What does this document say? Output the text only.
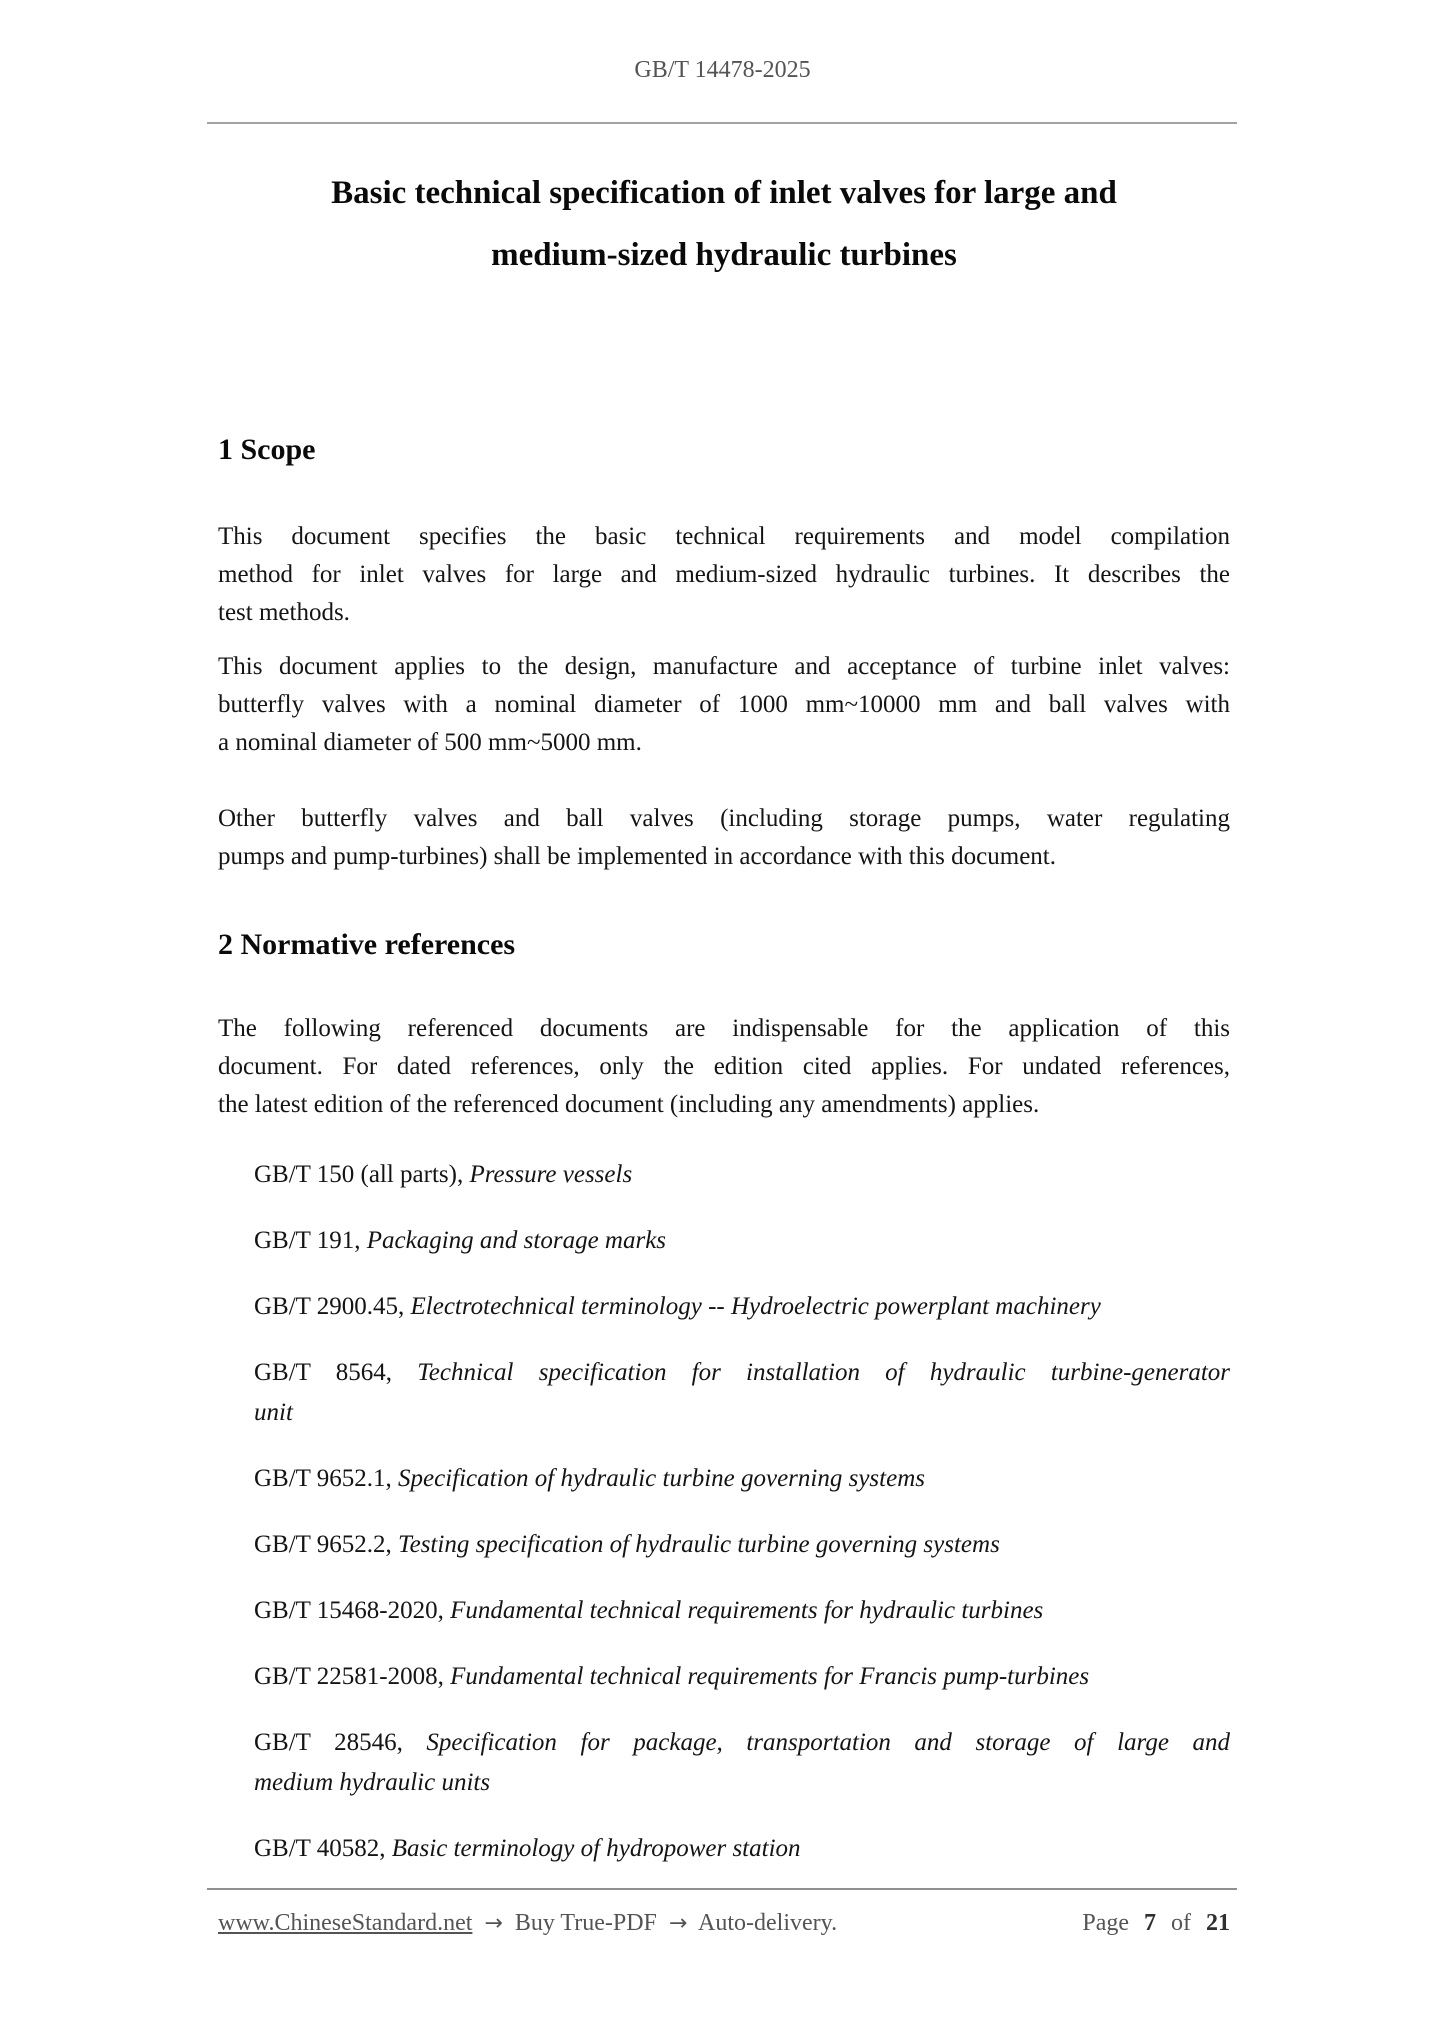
GB/T 14478-2025
Basic technical specification of inlet valves for large and
medium-sized hydraulic turbines
1 Scope
This document specifies the basic technical requirements and model compilation
method for inlet valves for large and medium-sized hydraulic turbines. It describes the
test methods.
This document applies to the design, manufacture and acceptance of turbine inlet valves:
butterfly valves with a nominal diameter of 1000 mm~10000 mm and ball valves with
a nominal diameter of 500 mm~5000 mm.
Other butterfly valves and ball valves (including storage pumps, water regulating
pumps and pump-turbines) shall be implemented in accordance with this document.
2 Normative references
The following referenced documents are indispensable for the application of this
document. For dated references, only the edition cited applies. For undated references,
the latest edition of the referenced document (including any amendments) applies.
GB/T 150 (all parts), Pressure vessels
GB/T 191, Packaging and storage marks
GB/T 2900.45, Electrotechnical terminology -- Hydroelectric powerplant machinery
GB/T 8564, Technical specification for installation of hydraulic turbine-generator
unit
GB/T 9652.1, Specification of hydraulic turbine governing systems
GB/T 9652.2, Testing specification of hydraulic turbine governing systems
GB/T 15468-2020, Fundamental technical requirements for hydraulic turbines
GB/T 22581-2008, Fundamental technical requirements for Francis pump-turbines
GB/T 28546, Specification for package, transportation and storage of large and
medium hydraulic units
GB/T 40582, Basic terminology of hydropower station
www.ChineseStandard.net → Buy True-PDF → Auto-delivery.	Page 7 of 21
